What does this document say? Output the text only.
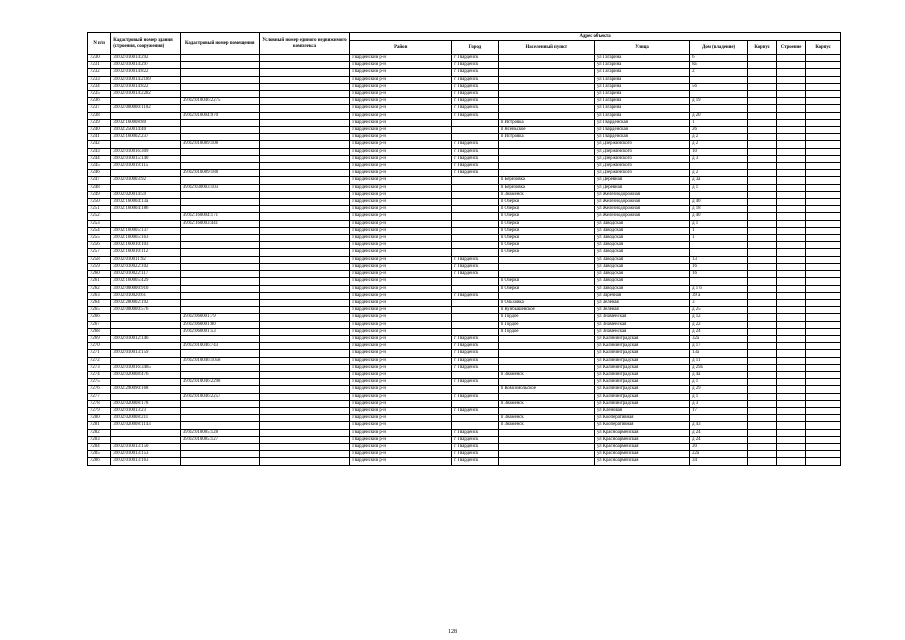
N п/п	Кадастровый номер здания (строения, сооружения)	Кадастровый номер помещения	Условный номер единого недвижимого комплекса	Адрес объекта							
				Район	Город	Населенный пункт	Улица	Дом (владение)	Корпус	Строение	Корпус
7230	39:02:010014:292			Гвардейский р-н	г Гвардейск		ул Гагарина	6			
7231	39:02:010014:297			Гвардейский р-н	г Гвардейск		ул Гагарина	8а			
7232	39:02:010014:822			Гвардейский р-н	г Гвардейск		ул Гагарина	2			
7233	39:02:010014:2189			Гвардейский р-н	г Гвардейск		ул Гагарина				
7234	39:02:010014:822			Гвардейский р-н	г Гвардейск		ул Гагарина	56			
7235	39:02:010014:2282			Гвардейский р-н	г Гвардейск		ул Гагарина				
7236		39:02:010046:2275		Гвардейский р-н	г Гвардейск		ул Гагарина	д 19			
7237	39:02:000000:1102			Гвардейский р-н	г Гвардейск		ул Гагарина				
7238		39:02:010004:970		Гвардейский р-н	г Гвардейск		ул Гагарина	д 20			
7239	39:02:160008:80			Гвардейский р-н		п Истровка	ул Гвардейская	1			
7240	39:02:250014:40			Гвардейский р-н		п Ясеньское	ул Гвардейская	26			
7241	39:02:160002:237			Гвардейский р-н		п Истровка	ул Гвардейская	д 2			
7242		39:02:010089:108		Гвардейский р-н	г Гвардейск		ул Дзержинского	д 2			
7243	39:02:010016:309			Гвардейский р-н	г Гвардейск		ул Дзержинского	10			
7244	39:02:010015:140			Гвардейский р-н	г Гвардейск		ул Дзержинского	д 3			
7245	39:02:010019:115			Гвардейский р-н	г Гвардейск		ул Дзержинского				
7246		39:02:010089:188		Гвардейский р-н	г Гвардейск		ул Дзержинского	д 2			
7247	39:02:010003:92			Гвардейский р-н		п Березовка	ул Деревная	д 3а			
7248		39:02:030003:103		Гвардейский р-н		п Березовка	ул Деревная	д 1			
7249	39:02:020014:59			Гвардейский р-н		п Знаменск	ул Железнодорожная				
7250	39:02:160004:13а			Гвардейский р-н		п Озерки	ул Железнодорожная	д 40			
7251	39:02:160004:186			Гвардейский р-н		п Озерки	ул Железнодорожная	д 18			
7252		39:02:160004:171		Гвардейский р-н		п Озерки	ул Железнодорожная	д 40			
7253		39:02:160003:441		Гвардейский р-н		п Озерки	ул Заводская	д 1			
7254	39:02:160005:137			Гвардейский р-н		п Озерки	ул Заводская	1			
7255	39:02:160005:163			Гвардейский р-н		п Озерки	ул Заводская	1			
7256	39:02:160010:103			Гвардейский р-н		п Озерки	ул Заводская				
7257	39:02:160010:112			Гвардейский р-н		п Озерки	ул Заводская				
7258	39:02:010011:92			Гвардейский р-н	г Гвардейск		ул Заводская	13			
7259	39:02:010022:102			Гвардейский р-н	г Гвардейск		ул Заводская	16			
7260	39:02:010022:117			Гвардейский р-н	г Гвардейск		ул Заводская	16			
7261	39:02:160005:429			Гвардейский р-н		п Озерки	ул Заводская				
7262	39:02:000000:910			Гвардейский р-н		п Озерки	ул Заводская	д 1 б			
7263	39:02:010020:61			Гвардейский р-н	г Гвардейск		ул Заречная	39 а			
7264	39:02:280002:192			Гвардейский р-н		п Ольховка	ул Зеленая	3			
7265	39:02:000000:576			Гвардейский р-н		п Куйбышевское	ул Зеленая	д 25			
7266		39:02:060001:79		Гвардейский р-н		п Гордое	ул Знаменская	д 12			
7267		39:02:060001:80		Гвардейский р-н		п Гордое	ул Знаменская	д 22			
7268		39:02:060001:53		Гвардейский р-н		п Гордое	ул Знаменская	д 24			
7269	39:02:010012:146			Гвардейский р-н	г Гвардейск		ул Калининградская	32а			
7270		39:02:010046:743		Гвардейский р-н	г Гвардейск		ул Калининградская	д 17			
7271	39:02:010013:159			Гвардейский р-н	г Гвардейск		ул Калининградская	13а			
7272		39:02:010046:1058		Гвардейский р-н	г Гвардейск		ул Калининградская	д 11			
7273	39:02:010016:3485			Гвардейский р-н	г Гвардейск		ул Калининградская	д 29а			
7274	39:02:020008:476			Гвардейский р-н		п Знаменск	ул Калининградская	д 4а			
7275		39:02:010046:2298		Гвардейский р-н	г Гвардейск		ул Калининградская	д 1			
7276	39:02:290090:168			Гвардейский р-н		п Комсомольское	ул Калининградская	д 29			
7277		39:02:010046:2257		Гвардейский р-н	г Гвардейск		ул Калининградская	д 1			
7278	39:02:020008:178			Гвардейский р-н		п Знаменск	ул Калининградская	д 3			
7279	39:02:010013:23			Гвардейский р-н	г Гвардейск		ул Кленовая	17			
7280	39:02:020008:211			Гвардейский р-н		п Знаменск	ул Кооперативная				
7281	39:02:020008:1143			Гвардейский р-н		п Знаменск	ул Кооперативная	д 43			
7282		39:02:010085:128		Гвардейский р-н	г Гвардейск		ул Красноармейская	д 24			
7283		39:02:010085:127		Гвардейский р-н	г Гвардейск		ул Красноармейская	д 24			
7284	39:02:010013:150			Гвардейский р-н	г Гвардейск		ул Красноармейская	20			
7285	39:02:010013:153			Гвардейский р-н	г Гвардейск		ул Красноармейская	22а			
7286	39:02:010013:163			Гвардейский р-н	г Гвардейск		ул Красноармейская	34			
128
